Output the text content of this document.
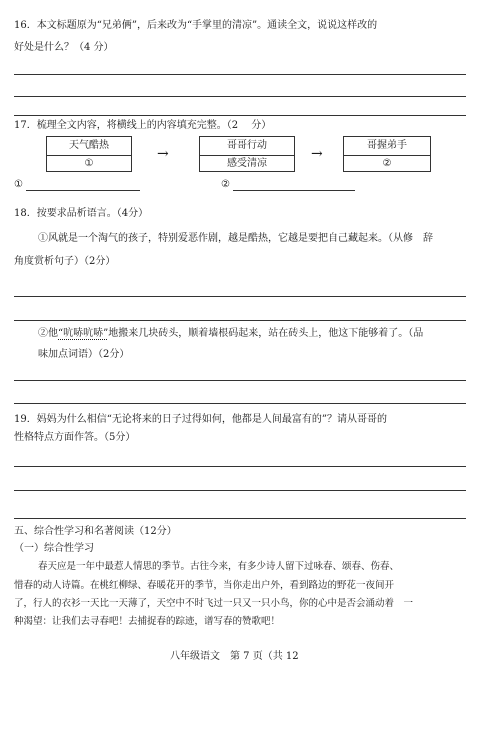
16．本文标题原为“兄弟俩”，后来改为“手掌里的清凉”。通读全文，说说这样改的
好处是什么？（4 分）
17．梳理全文内容，将横线上的内容填充完整。（2　 分）
天气酷热
①
→
哥哥行动
感受清凉
→
哥握弟手
②
①	②
18．按要求品析语言。（4分）
①风就是一个淘气的孩子，特别爱恶作剧，越是酷热，它越是要把自己藏起来。（从修　辞
角度赏析句子）（2分）
②他“吭哧吭哧”地搬来几块砖头，顺着墙根码起来，站在砖头上，他这下能够着了。（品
味加点词语）（2分）
19．妈妈为什么相信“无论将来的日子过得如何，他都是人间最富有的”？请从哥哥的
性格特点方面作答。（5分）
五、综合性学习和名著阅读（12分）
（一）综合性学习
春天应是一年中最惹人情思的季节。古往今来，有多少诗人留下过咏春、颂春、伤春、
惜春的动人诗篇。在桃红柳绿、春暖花开的季节，当你走出户外，看到路边的野花一夜间开
了，行人的衣衫一天比一天薄了，天空中不时飞过一只又一只小鸟，你的心中是否会涌动着　一
种渴望：让我们去寻春吧！去捕捉春的踪迹，谱写春的赞歌吧！
八年级语文　第 7 页（共 12
